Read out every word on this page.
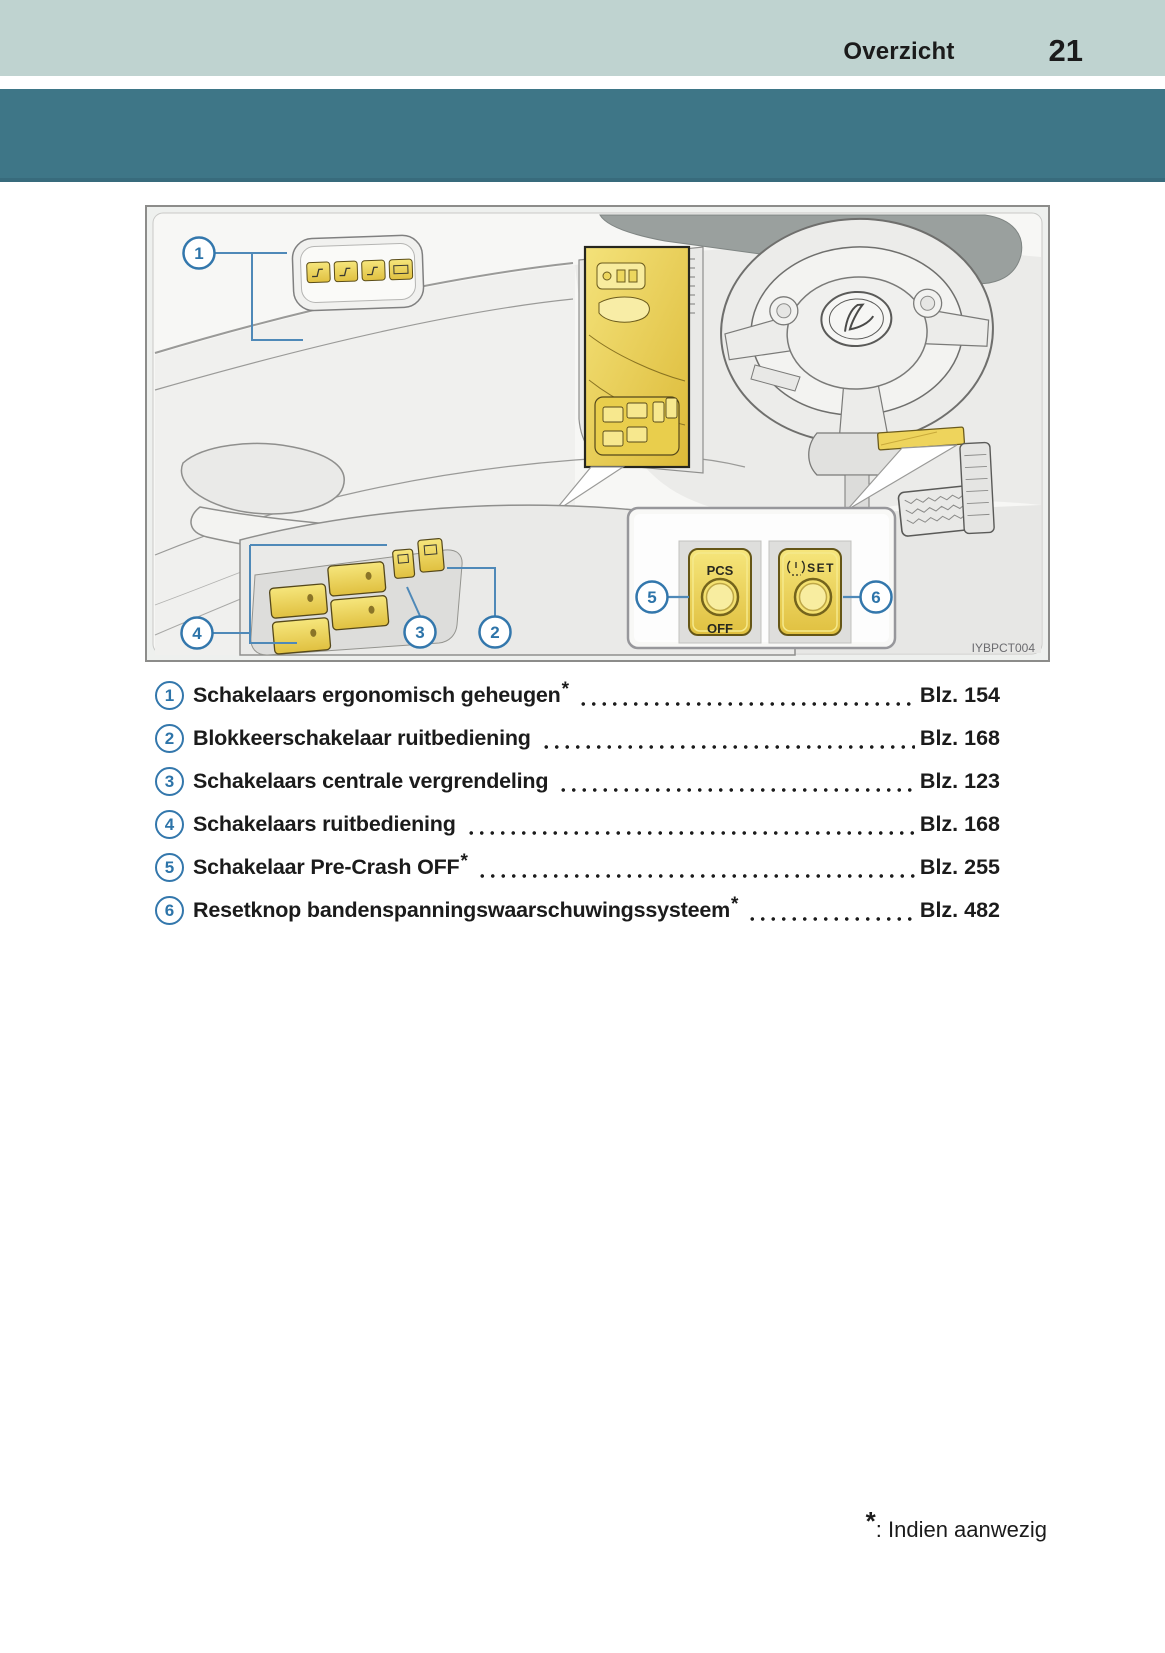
Overzicht	21
PCS
OFF
SET
5	6
1
4	3	2
IYBPCT004
1 Schakelaars ergonomisch geheugen*	Blz. 154
2 Blokkeerschakelaar ruitbediening	Blz. 168
3 Schakelaars centrale vergrendeling	Blz. 123
4 Schakelaars ruitbediening	Blz. 168
5 Schakelaar Pre-Crash OFF*	Blz. 255
6 Resetknop bandenspanningswaarschuwingssysteem*	Blz. 482
*: Indien aanwezig
